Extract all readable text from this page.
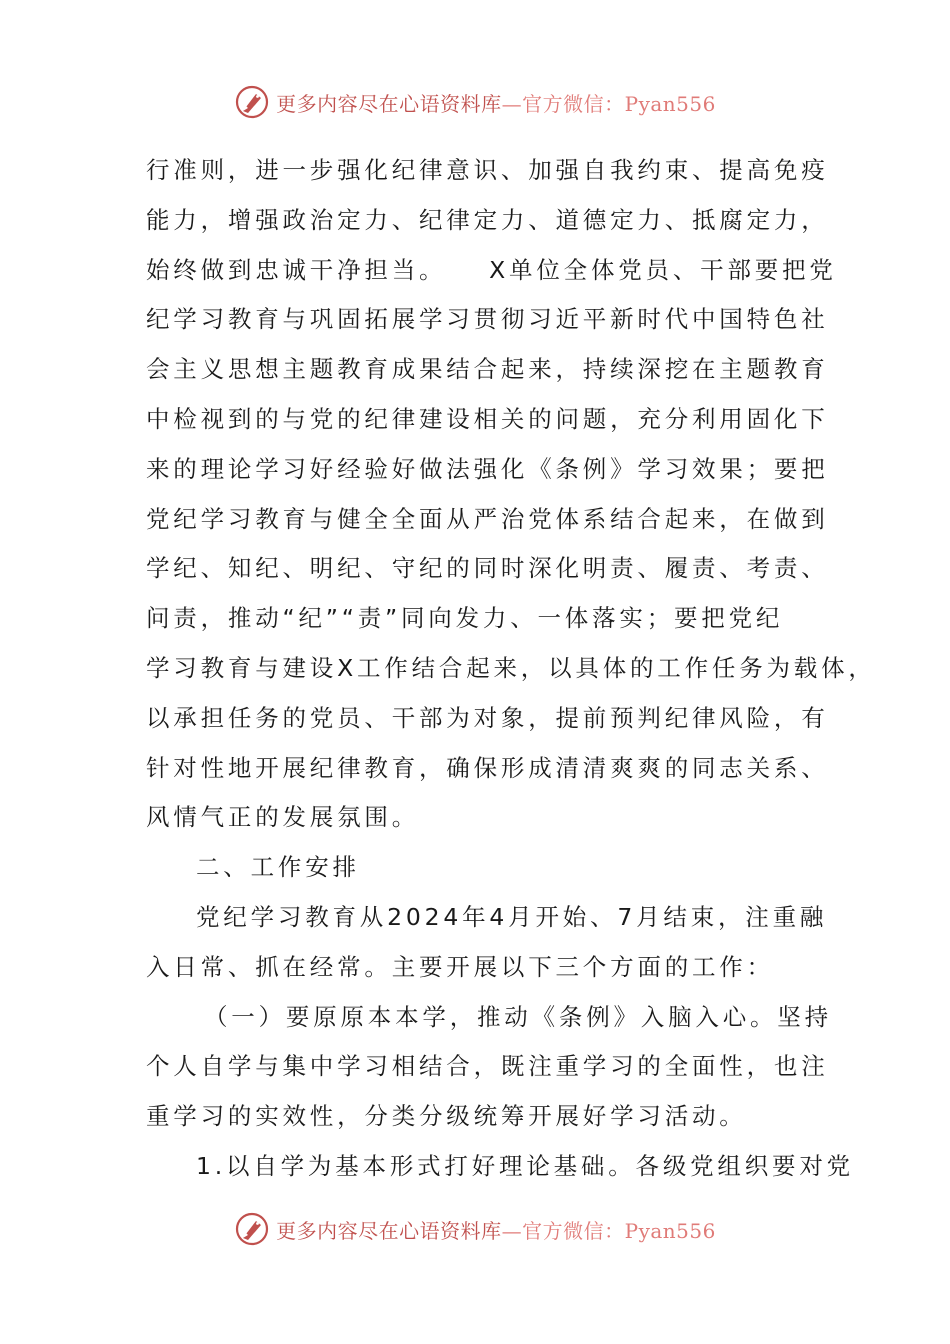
更多内容尽在心语资料库—官方微信：Pyan556
行准则，进一步强化纪律意识、加强自我约束、提高免疫
能力，增强政治定力、纪律定力、道德定力、抵腐定力，
始终做到忠诚干净担当。　　X单位全体党员、干部要把党
纪学习教育与巩固拓展学习贯彻习近平新时代中国特色社
会主义思想主题教育成果结合起来，持续深挖在主题教育
中检视到的与党的纪律建设相关的问题，充分利用固化下
来的理论学习好经验好做法强化《条例》学习效果；要把
党纪学习教育与健全全面从严治党体系结合起来，在做到
学纪、知纪、明纪、守纪的同时深化明责、履责、考责、
问责，推动“纪”“责”同向发力、一体落实；要把党纪
学习教育与建设X工作结合起来，以具体的工作任务为载体，
以承担任务的党员、干部为对象，提前预判纪律风险，有
针对性地开展纪律教育，确保形成清清爽爽的同志关系、
风情气正的发展氛围。
二、工作安排
党纪学习教育从2024年4月开始、7月结束，注重融
入日常、抓在经常。主要开展以下三个方面的工作：
（一）要原原本本学，推动《条例》入脑入心。坚持
个人自学与集中学习相结合，既注重学习的全面性，也注
重学习的实效性，分类分级统筹开展好学习活动。
1.以自学为基本形式打好理论基础。各级党组织要对党
更多内容尽在心语资料库—官方微信：Pyan556
